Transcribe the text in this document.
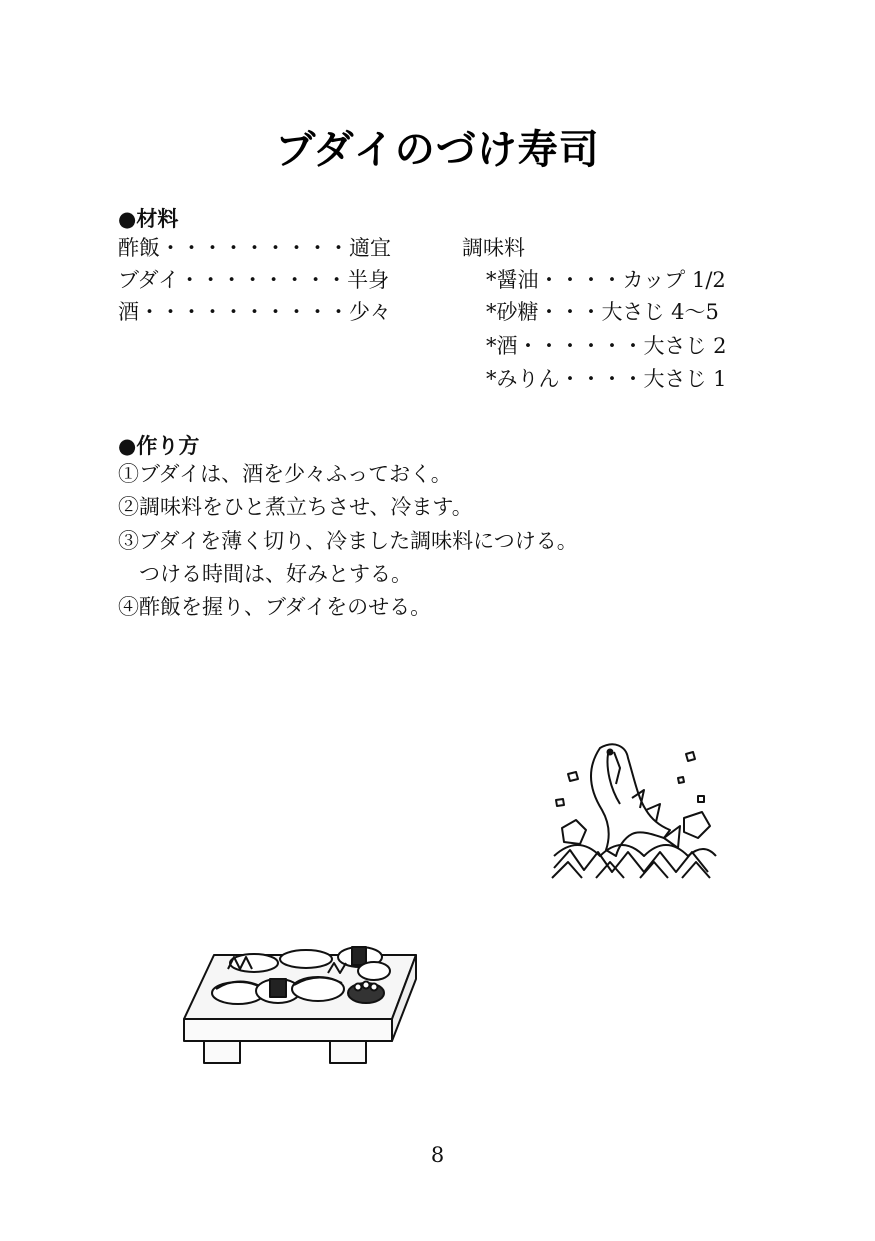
ブダイのづけ寿司
●材料
酢飯・・・・・・・・・適宜
ブダイ・・・・・・・・半身
酒・・・・・・・・・・少々
調味料
*醤油・・・・カップ 1/2
*砂糖・・・大さじ 4～5
*酒・・・・・・大さじ 2
*みりん・・・・大さじ 1
●作り方
①ブダイは、酒を少々ふっておく。
②調味料をひと煮立ちさせ、冷ます。
③ブダイを薄く切り、冷ました調味料につける。
　つける時間は、好みとする。
④酢飯を握り、ブダイをのせる。
8
